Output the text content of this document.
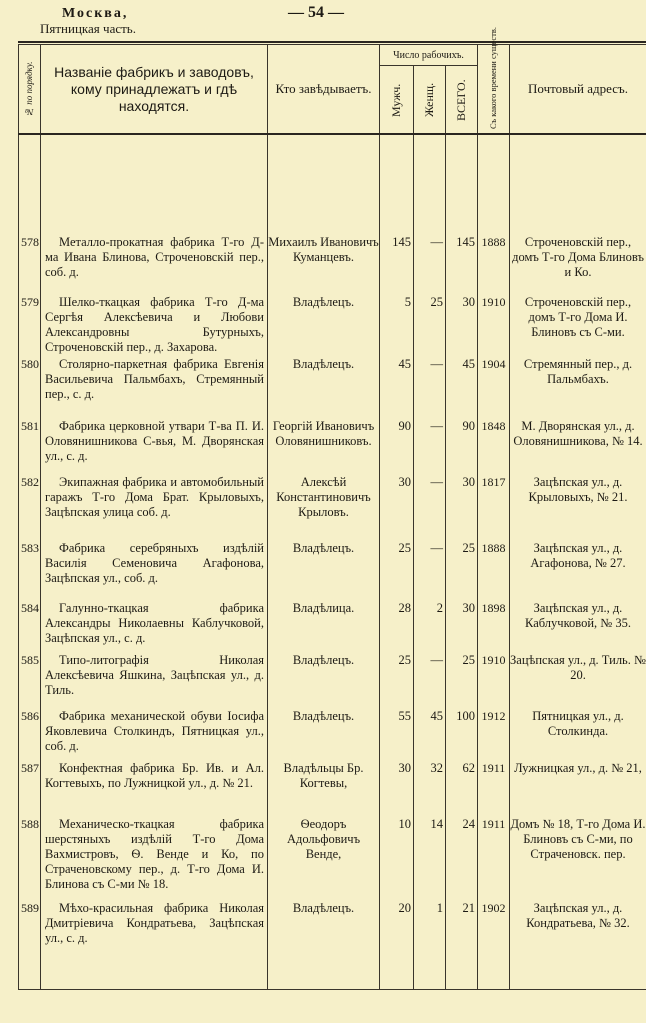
Москва,
Пятницкая часть.
— 54 —
№ по порядку.	Названіе фабрикъ и заводовъ, кому принадлежатъ и гдѣ находятся.	Кто завѣдываетъ.	Число рабочихъ.			Съ какого времени существ.	Почтовый адресъ.

			Мужч.	Женщ.	ВСЕГО.		

578	Металло-прокатная фабрика Т-го Д-ма Ивана Блинова, Строченовскій пер., соб. д.	Михаилъ Ивановичъ Куманцевъ.	145	—	145	1888	Строченовскій пер., домъ Т-го Дома Блиновъ и Ко.
579	Шелко-ткацкая фабрика Т-го Д-ма Сергѣя Алексѣевича и Любови Александровны Бутурныхъ, Строченовскій пер., д. Захарова.	Владѣлецъ.	5	25	30	1910	Строченовскій пер., домъ Т-го Дома И. Блиновъ съ С-ми.
580	Столярно-паркетная фабрика Евгенія Васильевича Пальмбахъ, Стремянный пер., с. д.	Владѣлецъ.	45	—	45	1904	Стремянный пер., д. Пальмбахъ.
581	Фабрика церковной утвари Т-ва П. И. Оловянишникова С-вья, М. Дворянская ул., с. д.	Георгій Ивановичъ Оловянишниковъ.	90	—	90	1848	М. Дворянская ул., д. Оловянишникова, № 14.
582	Экипажная фабрика и автомобильный гаражъ Т-го Дома Брат. Крыловыхъ, Зацѣпская улица соб. д.	Алексѣй Константиновичъ Крыловъ.	30	—	30	1817	Зацѣпская ул., д. Крыловыхъ, № 21.
583	Фабрика серебряныхъ издѣлій Василія Семеновича Агафонова, Зацѣпская ул., соб. д.	Владѣлецъ.	25	—	25	1888	Зацѣпская ул., д. Агафонова, № 27.
584	Галунно-ткацкая фабрика Александры Николаевны Каблучковой, Зацѣпская ул., с. д.	Владѣлица.	28	2	30	1898	Зацѣпская ул., д. Каблучковой, № 35.
585	Типо-литографія Николая Алексѣевича Яшкина, Зацѣпская ул., д. Тиль.	Владѣлецъ.	25	—	25	1910	Зацѣпская ул., д. Тиль. № 20.
586	Фабрика механической обуви Іосифа Яковлевича Столкиндъ, Пятницкая ул., соб. д.	Владѣлецъ.	55	45	100	1912	Пятницкая ул., д. Столкинда.
587	Конфектная фабрика Бр. Ив. и Ал. Когтевыхъ, по Лужницкой ул., д. № 21.	Владѣльцы Бр. Когтевы,	30	32	62	1911	Лужницкая ул., д. № 21,
588	Механическо-ткацкая фабрика шерстяныхъ издѣлій Т-го Дома Вахмистровъ, Ѳ. Венде и Ко, по Страченовскому пер., д. Т-го Дома И. Блинова съ С-ми № 18.	Ѳеодоръ Адольфовичъ Венде,	10	14	24	1911	Домъ № 18, Т-го Дома И. Блиновъ съ С-ми, по Страченовск. пер.
589	Мѣхо-красильная фабрика Николая Дмитріевича Кондратьева, Зацѣпская ул., с. д.	Владѣлецъ.	20	1	21	1902	Зацѣпская ул., д. Кондратьева, № 32.
